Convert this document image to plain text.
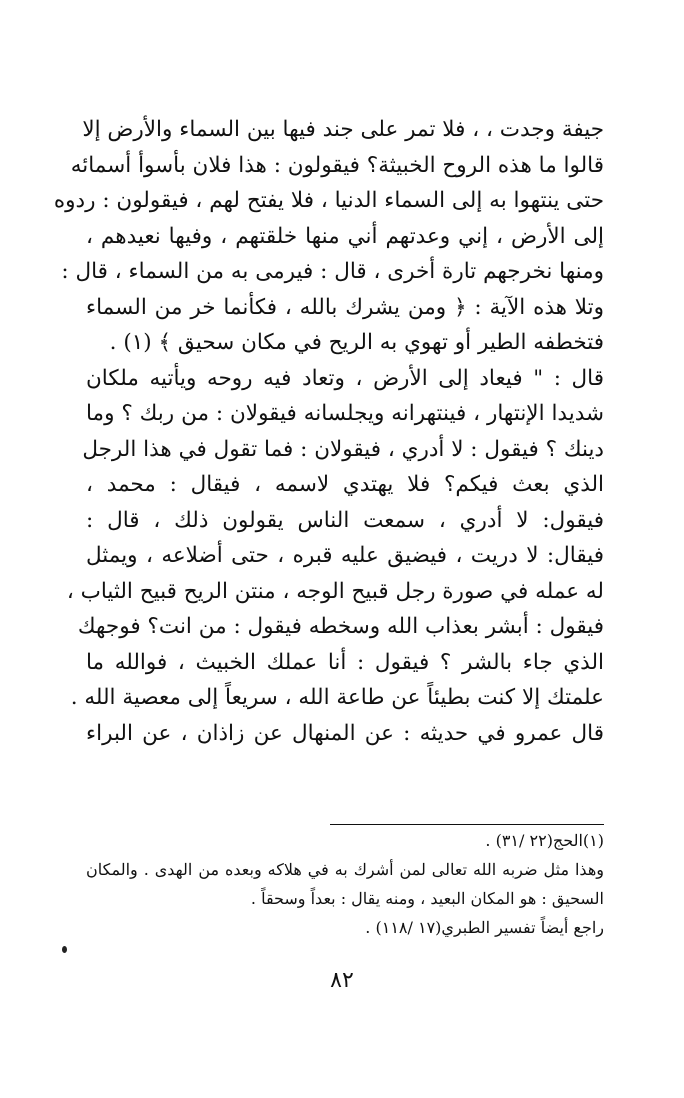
جيفة وجدت ، ، فلا تمر على جند فيها بين السماء والأرض إلا
قالوا ما هذه الروح الخبيثة؟ فيقولون : هذا فلان بأسوأ أسمائه
حتى ينتهوا به إلى السماء الدنيا ، فلا يفتح لهم ، فيقولون : ردوه
إلى الأرض ، إني وعدتهم أني منها خلقتهم ، وفيها نعيدهم ،
ومنها نخرجهم تارة أخرى ، قال : فيرمى به من السماء ، قال :
وتلا هذه الآية : ﴿ ومن يشرك بالله ، فكأنما خر من السماء
فتخطفه الطير أو تهوي به الريح في مكان سحيق ﴾ (١) .
قال : " فيعاد إلى الأرض ، وتعاد فيه روحه ويأتيه ملكان
شديدا الإنتهار ، فينتهرانه ويجلسانه فيقولان : من ربك ؟ وما
دينك ؟ فيقول : لا أدري ، فيقولان : فما تقول في هذا الرجل
الذي بعث فيكم؟ فلا يهتدي لاسمه ، فيقال : محمد ،
فيقول: لا أدري ، سمعت الناس يقولون ذلك ، قال :
فيقال: لا دريت ، فيضيق عليه قبره ، حتى أضلاعه ، ويمثل
له عمله في صورة رجل قبيح الوجه ، منتن الريح قبيح الثياب ،
فيقول : أبشر بعذاب الله وسخطه فيقول : من انت؟ فوجهك
الذي جاء بالشر ؟ فيقول : أنا عملك الخبيث ، فوالله ما
علمتك إلا كنت بطيئاً عن طاعة الله ، سريعاً إلى معصية الله .
قال عمرو في حديثه : عن المنهال عن زاذان ، عن البراء
(١)الحج(٢٢ /٣١) .
وهذا مثل ضربه الله تعالى لمن أشرك به في هلاكه وبعده من الهدى . والمكان
السحيق : هو المكان البعيد ، ومنه يقال : بعداً وسحقاً .
راجع أيضاً تفسير الطبري(١٧ /١١٨) .
٨٢
